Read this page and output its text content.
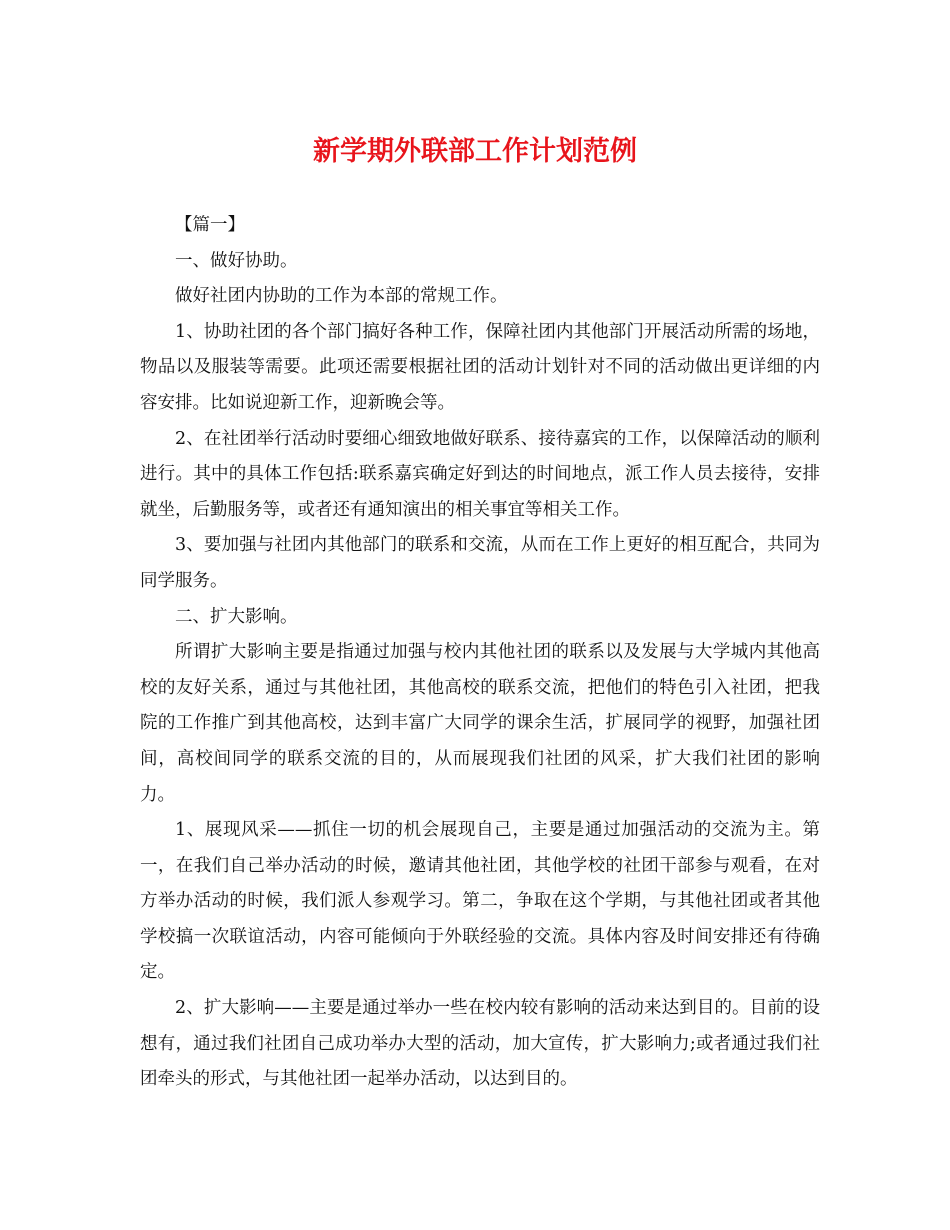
新学期外联部工作计划范例

【篇一】

一、做好协助。

做好社团内协助的工作为本部的常规工作。

1、协助社团的各个部门搞好各种工作，保障社团内其他部门开展活动所需的场地，物品以及服装等需要。此项还需要根据社团的活动计划针对不同的活动做出更详细的内容安排。比如说迎新工作，迎新晚会等。

2、在社团举行活动时要细心细致地做好联系、接待嘉宾的工作，以保障活动的顺利进行。其中的具体工作包括:联系嘉宾确定好到达的时间地点，派工作人员去接待，安排就坐，后勤服务等，或者还有通知演出的相关事宜等相关工作。

3、要加强与社团内其他部门的联系和交流，从而在工作上更好的相互配合，共同为同学服务。

二、扩大影响。

所谓扩大影响主要是指通过加强与校内其他社团的联系以及发展与大学城内其他高校的友好关系，通过与其他社团，其他高校的联系交流，把他们的特色引入社团，把我院的工作推广到其他高校，达到丰富广大同学的课余生活，扩展同学的视野，加强社团间，高校间同学的联系交流的目的，从而展现我们社团的风采，扩大我们社团的影响力。

1、展现风采——抓住一切的机会展现自己，主要是通过加强活动的交流为主。第一，在我们自己举办活动的时候，邀请其他社团，其他学校的社团干部参与观看，在对方举办活动的时候，我们派人参观学习。第二，争取在这个学期，与其他社团或者其他学校搞一次联谊活动，内容可能倾向于外联经验的交流。具体内容及时间安排还有待确定。

2、扩大影响——主要是通过举办一些在校内较有影响的活动来达到目的。目前的设想有，通过我们社团自己成功举办大型的活动，加大宣传，扩大影响力;或者通过我们社团牵头的形式，与其他社团一起举办活动，以达到目的。
